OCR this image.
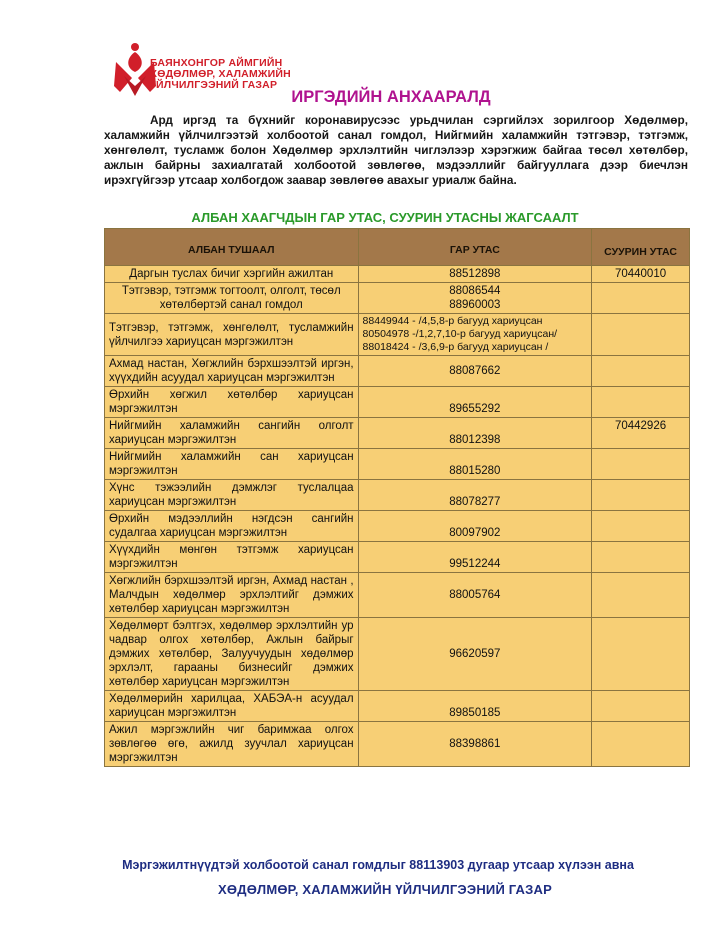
БАЯНХОНГОР АЙМГИЙН
ХӨДӨЛМӨР, ХАЛАМЖИЙН
ҮЙЛЧИЛГЭЭНИЙ ГАЗАР
ИРГЭДИЙН АНХААРАЛД

Ард иргэд та бүхнийг коронавирусээс урьдчилан сэргийлэх зорилгоор Хөдөлмөр, халамжийн үйлчилгээтэй холбоотой санал гомдол, Нийгмийн халамжийн тэтгэвэр, тэтгэмж, хөнгөлөлт, тусламж болон Хөдөлмөр эрхлэлтийн чиглэлээр хэрэгжиж байгаа төсөл хөтөлбөр, ажлын байрны захиалгатай холбоотой зөвлөгөө, мэдээллийг байгууллага дээр биечлэн ирэхгүйгээр утсаар холбогдож заавар зөвлөгөө авахыг уриалж байна.

АЛБАН ХААГЧДЫН ГАР УТАС, СУУРИН УТАСНЫ ЖАГСААЛТ
АЛБАН ТУШААЛ	ГАР УТАС	СУУРИН УТАС
Даргын туслах бичиг хэргийн ажилтан	88512898	70440010
Тэтгэвэр, тэтгэмж тогтоолт, олголт, төсөл хөтөлбөртэй санал гомдол	88086544
88960003	

Тэтгэвэр, тэтгэмж, хөнгөлөлт, тусламжийн үйлчилгээ хариуцсан мэргэжилтэн	88449944 - /4,5,8-р багууд хариуцсан
80504978 -/1,2,7,10-р багууд хариуцсан/
88018424 - /3,6,9-р багууд хариуцсан /	

Ахмад настан, Хөгжлийн бэрхшээлтэй иргэн, хүүхдийн асуудал хариуцсан мэргэжилтэн	88087662	
Өрхийн хөгжил хөтөлбөр хариуцсан мэргэжилтэн	89655292	
Нийгмийн халамжийн сангийн олголт хариуцсан мэргэжилтэн	88012398	70442926
Нийгмийн халамжийн сан хариуцсан мэргэжилтэн	88015280	
Хүнс тэжээлийн дэмжлэг туслалцаа хариуцсан мэргэжилтэн	88078277	
Өрхийн мэдээллийн нэгдсэн сангийн судалгаа хариуцсан мэргэжилтэн	80097902	
Хүүхдийн мөнгөн тэтгэмж хариуцсан мэргэжилтэн	99512244	
Хөгжлийн бэрхшээлтэй иргэн, Ахмад настан , Малчдын хөдөлмөр эрхлэлтийг дэмжих хөтөлбөр хариуцсан мэргэжилтэн	88005764	
Хөдөлмөрт бэлтгэх, хөдөлмөр эрхлэлтийн ур чадвар олгох хөтөлбөр, Ажлын байрыг дэмжих хөтөлбөр, Залуучуудын хөдөлмөр эрхлэлт, гарааны бизнесийг дэмжих хөтөлбөр хариуцсан мэргэжилтэн	96620597	
Хөдөлмөрийн харилцаа, ХАБЭА-н асуудал хариуцсан мэргэжилтэн	89850185	
Ажил мэргэжлийн чиг баримжаа олгох зөвлөгөө өгө, ажилд зуучлал хариуцсан мэргэжилтэн	88398861	
Мэргэжилтнүүдтэй холбоотой санал гомдлыг 88113903 дугаар утсаар хүлээн авна
ХӨДӨЛМӨР, ХАЛАМЖИЙН ҮЙЛЧИЛГЭЭНИЙ ГАЗАР
